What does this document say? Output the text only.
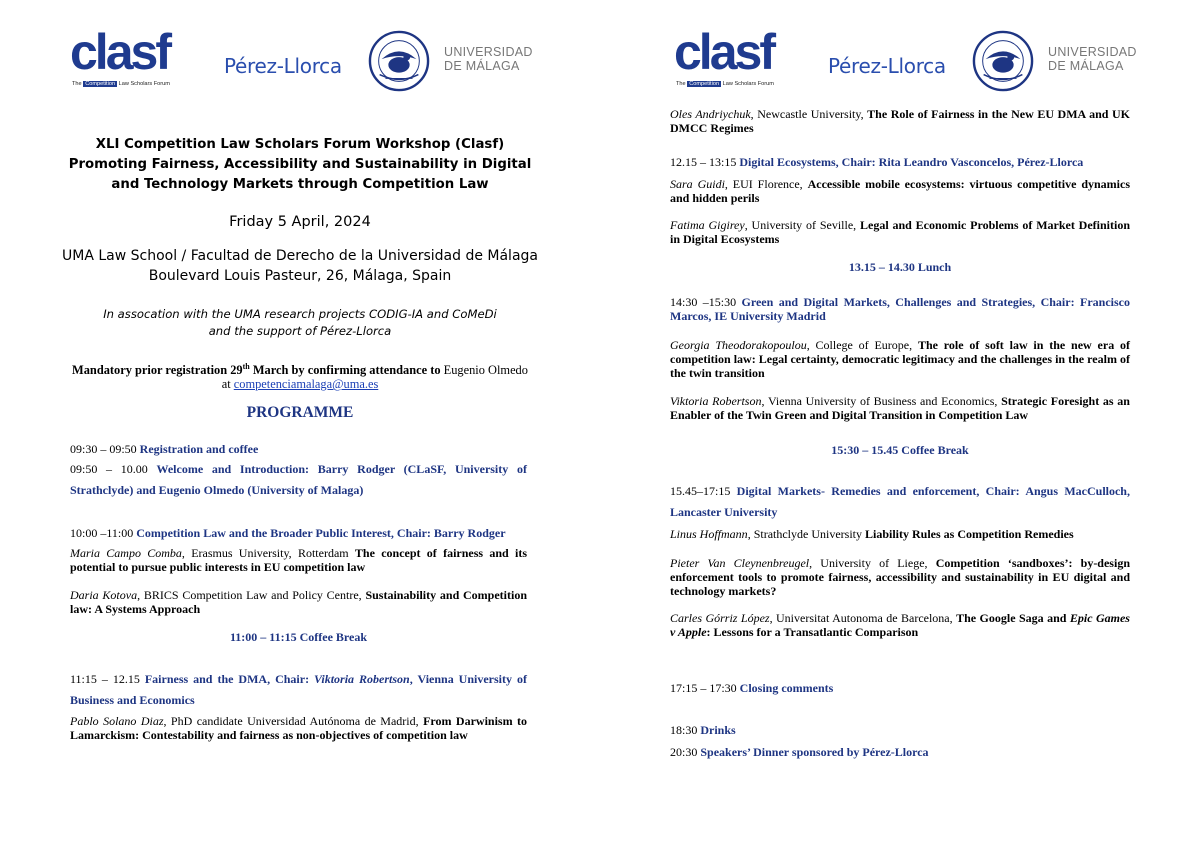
clasf
The Competition Law Scholars Forum
Pérez-Llorca
UNIVERSIDAD
DE MÁLAGA
XLI Competition Law Scholars Forum Workshop (Clasf) Promoting Fairness, Accessibility and Sustainability in Digital and Technology Markets through Competition Law
Friday 5 April, 2024
UMA Law School / Facultad de Derecho de la Universidad de Málaga
Boulevard Louis Pasteur, 26, Málaga, Spain
In assocation with the UMA research projects CODIG-IA and CoMeDi
and the support of Pérez-Llorca
Mandatory prior registration 29th March by confirming attendance to Eugenio Olmedo
at competenciamalaga@uma.es
PROGRAMME
09:30 – 09:50 Registration and coffee
09:50 – 10.00 Welcome and Introduction: Barry Rodger (CLaSF, University of Strathclyde) and Eugenio Olmedo (University of Malaga)
10:00 –11:00 Competition Law and the Broader Public Interest, Chair: Barry Rodger
Maria Campo Comba, Erasmus University, Rotterdam The concept of fairness and its potential to pursue public interests in EU competition law
Daria Kotova, BRICS Competition Law and Policy Centre, Sustainability and Competition law: A Systems Approach
11:00 – 11:15 Coffee Break
11:15 – 12.15 Fairness and the DMA, Chair: Viktoria Robertson, Vienna University of Business and Economics
Pablo Solano Diaz, PhD candidate Universidad Autónoma de Madrid, From Darwinism to Lamarckism: Contestability and fairness as non-objectives of competition law
clasf
The Competition Law Scholars Forum
Pérez-Llorca
UNIVERSIDAD
DE MÁLAGA
Oles Andriychuk, Newcastle University, The Role of Fairness in the New EU DMA and UK DMCC Regimes
12.15 – 13:15 Digital Ecosystems, Chair: Rita Leandro Vasconcelos, Pérez-Llorca
Sara Guidi, EUI Florence, Accessible mobile ecosystems: virtuous competitive dynamics and hidden perils
Fatima Gigirey, University of Seville, Legal and Economic Problems of Market Definition in Digital Ecosystems
13.15 – 14.30 Lunch
14:30 –15:30 Green and Digital Markets, Challenges and Strategies, Chair: Francisco Marcos, IE University Madrid
Georgia Theodorakopoulou, College of Europe, The role of soft law in the new era of competition law: Legal certainty, democratic legitimacy and the challenges in the realm of the twin transition
Viktoria Robertson, Vienna University of Business and Economics, Strategic Foresight as an Enabler of the Twin Green and Digital Transition in Competition Law
15:30 – 15.45 Coffee Break
15.45–17:15 Digital Markets- Remedies and enforcement, Chair: Angus MacCulloch, Lancaster University
Linus Hoffmann, Strathclyde University Liability Rules as Competition Remedies
Pieter Van Cleynenbreugel, University of Liege, Competition ‘sandboxes’: by-design enforcement tools to promote fairness, accessibility and sustainability in EU digital and technology markets?
Carles Górriz López, Universitat Autonoma de Barcelona, The Google Saga and Epic Games v Apple: Lessons for a Transatlantic Comparison
17:15 – 17:30 Closing comments
18:30 Drinks
20:30 Speakers’ Dinner sponsored by Pérez-Llorca
